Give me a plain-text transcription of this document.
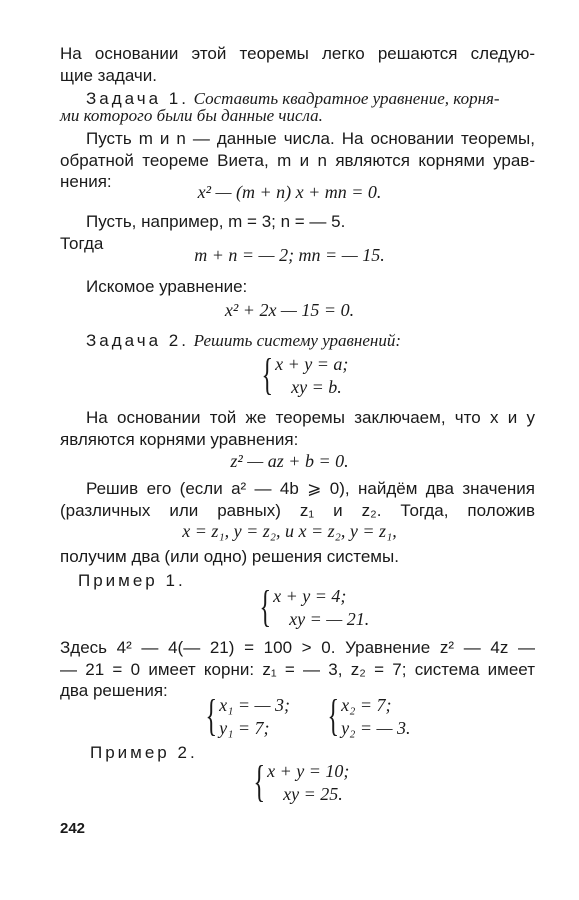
На основании этой теоремы легко решаются следую-
щие задачи.
Задача 1. Составить квадратное уравнение, корня-
ми которого были бы данные числа.
Пусть m и n — данные числа. На основании теоремы,
обратной теореме Виета, m и n являются корнями урав-
нения:
x² — (m + n) x + mn = 0.
Пусть, например, m = 3; n = — 5.
Тогда
m + n = — 2; mn = — 15.
Искомое уравнение:
x² + 2x — 15 = 0.
Задача 2. Решить систему уравнений:
{ x + y = a;
xy = b.
На основании той же теоремы заключаем, что x и y
являются корнями уравнения:
z² — az + b = 0.
Решив его (если a² — 4b ⩾ 0), найдём два значения
(различных или равных) z₁ и z₂. Тогда, положив
x = z₁, y = z₂, и x = z₂, y = z₁,
получим два (или одно) решения системы.
Пример 1.
{ x + y = 4;
xy = — 21.
Здесь 4² — 4(— 21) = 100 > 0. Уравнение z² — 4z —
— 21 = 0 имеет корни: z₁ = — 3, z₂ = 7; система имеет
два решения:
{ x₁ = — 3;
y₁ = 7;	{ x₂ = 7;
y₂ = — 3.
Пример 2.
{ x + y = 10;
xy = 25.
242
